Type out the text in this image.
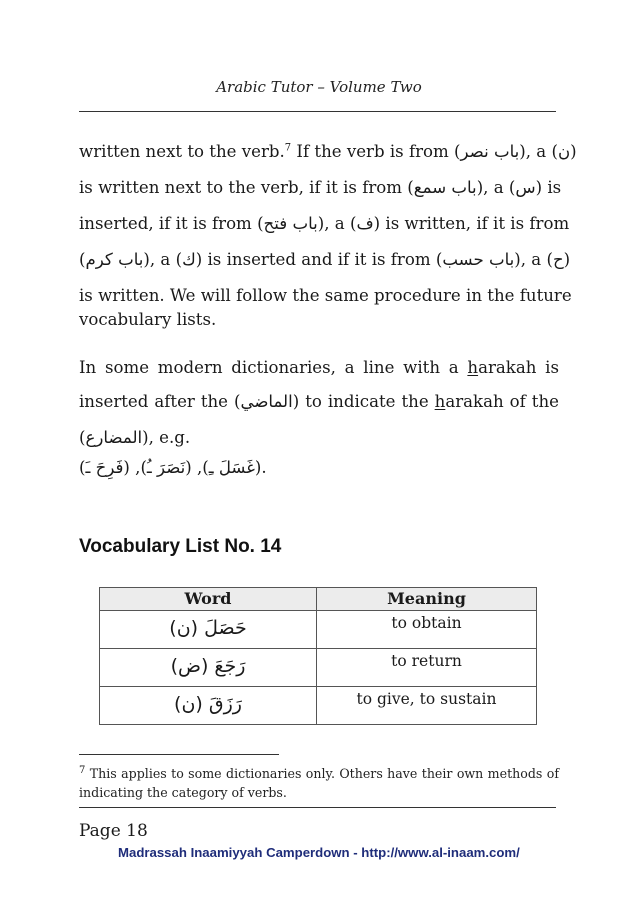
Arabic Tutor – Volume Two
written next to the verb.$^7$ If the verb is from (باب نصر), a (ن)
is written next to the verb, if it is from (باب سمع), a (س) is
inserted, if it is from (باب فتح), a (ف) is written, if it is from
(باب كرم), a (ك) is inserted and if it is from (باب حسب), a (ح)
is written. We will follow the same procedure in the future
vocabulary lists.
In some modern dictionaries, a line with a harakah is
inserted after the (الماضي) to indicate the harakah of the
(المضارع), e.g.
(	غَسَلَ ـِ), (نَصَرَ ـُ), (فَرِحَ ـَ	).
Vocabulary List No. 14
Word	Meaning
حَصَلَ (ن)	to obtain
رَجَعَ (ض)	to return
رَزَقَ (ن)	to give, to sustain
$^7$ This applies to some dictionaries only. Others have their own methods of
indicating the category of verbs.
Page 18
Madrassah Inaamiyyah Camperdown - http://www.al-inaam.com/
